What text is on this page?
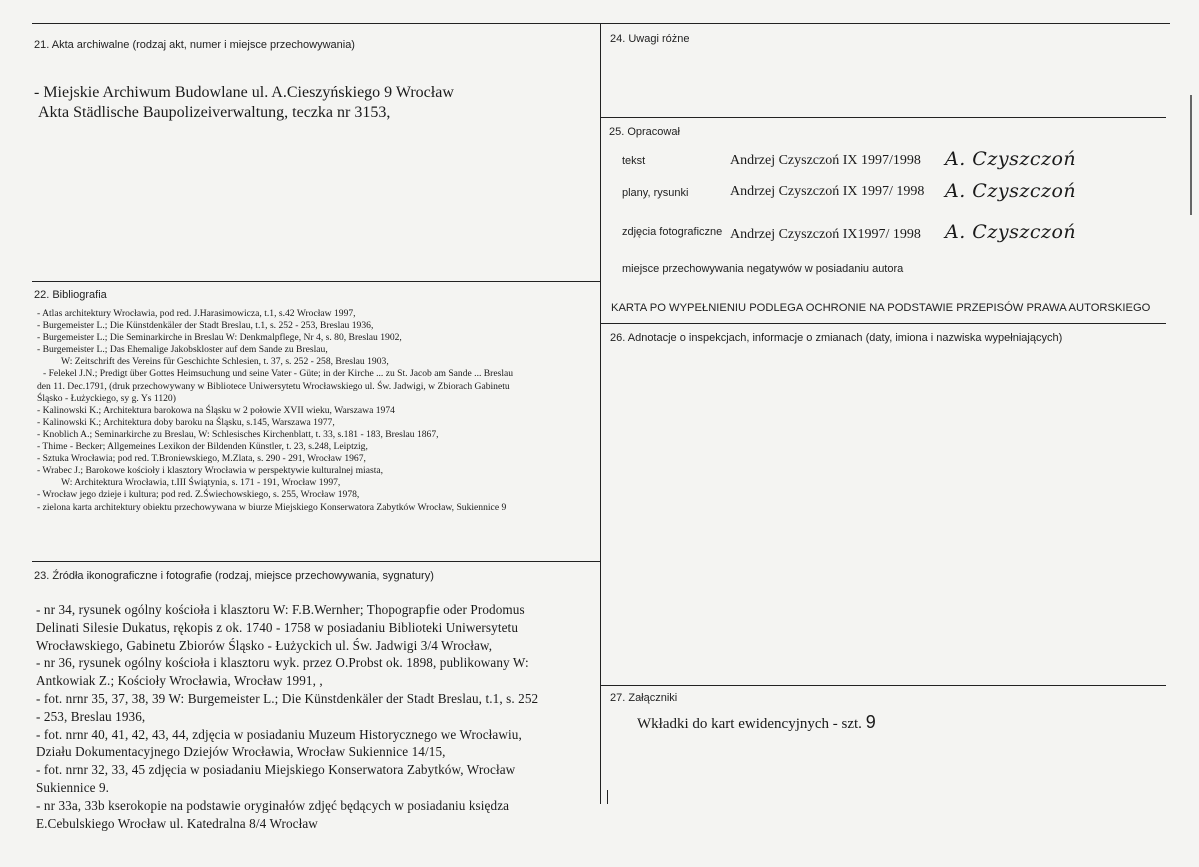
21. Akta archiwalne (rodzaj akt, numer i miejsce przechowywania)
- Miejskie Archiwum Budowlane ul. A.Cieszyńskiego 9 Wrocław
Akta Städlische Baupolizeiverwaltung, teczka nr 3153,
24. Uwagi różne
25. Opracował
tekst	Andrzej Czyszczoń IX 1997/1998 A. Czyszczoń
plany, rysunki	Andrzej Czyszczoń IX 1997/ 1998 A. Czyszczoń
zdjęcia fotograficzne Andrzej Czyszczoń IX1997/ 1998 A. Czyszczoń
miejsce przechowywania negatywów w posiadaniu autora
KARTA PO WYPEŁNIENIU PODLEGA OCHRONIE NA PODSTAWIE PRZEPISÓW PRAWA AUTORSKIEGO
22. Bibliografia
- Atlas architektury Wrocławia, pod red. J.Harasimowicza, t.1, s.42 Wrocław 1997,
- Burgemeister L.; Die Künstdenkäler der Stadt Breslau, t.1, s. 252 - 253, Breslau 1936,
- Burgemeister L.; Die Seminarkirche in Breslau W: Denkmalpflege, Nr 4, s. 80, Breslau 1902,
- Burgemeister L.; Das Ehemalige Jakobskloster auf dem Sande zu Breslau,
W: Zeitschrift des Vereins für Geschichte Schlesien, t. 37, s. 252 - 258, Breslau 1903,
- Felekel J.N.; Predigt über Gottes Heimsuchung und seine Vater - Güte; in der Kirche ... zu St. Jacob am Sande ... Breslau
den 11. Dec.1791, (druk przechowywany w Bibliotece Uniwersytetu Wrocławskiego ul. Św. Jadwigi, w Zbiorach Gabinetu
Śląsko - Łużyckiego, sy g. Ys 1120)
- Kalinowski K.; Architektura barokowa na Śląsku w 2 połowie XVII wieku, Warszawa 1974
- Kalinowski K.; Architektura doby baroku na Śląsku, s.145, Warszawa 1977,
- Knoblich A.; Seminarkirche zu Breslau, W: Schlesisches Kirchenblatt, t. 33, s.181 - 183, Breslau 1867,
- Thime - Becker; Allgemeines Lexikon der Bildenden Künstler, t. 23, s.248, Leiptzig,
- Sztuka Wrocławia; pod red. T.Broniewskiego, M.Zlata, s. 290 - 291, Wrocław 1967,
- Wrabec J.; Barokowe kościoły i klasztory Wrocławia w perspektywie kulturalnej miasta,
W: Architektura Wrocławia, t.III Świątynia, s. 171 - 191, Wrocław 1997,
- Wrocław jego dzieje i kultura; pod red. Z.Świechowskiego, s. 255, Wrocław 1978,
- zielona karta architektury obiektu przechowywana w biurze Miejskiego Konserwatora Zabytków Wrocław, Sukiennice 9
26. Adnotacje o inspekcjach, informacje o zmianach (daty, imiona i nazwiska wypełniających)
23. Źródła ikonograficzne i fotografie (rodzaj, miejsce przechowywania, sygnatury)
- nr 34, rysunek ogólny kościoła i klasztoru W: F.B.Wernher; Thopograpfie oder Prodomus
Delinati Silesie Dukatus, rękopis z ok. 1740 - 1758 w posiadaniu Biblioteki Uniwersytetu
Wrocławskiego, Gabinetu Zbiorów Śląsko - Łużyckich ul. Św. Jadwigi 3/4 Wrocław,
- nr 36, rysunek ogólny kościoła i klasztoru wyk. przez O.Probst ok. 1898, publikowany W:
Antkowiak Z.; Kościoły Wrocławia, Wrocław 1991, ,
- fot. nrnr 35, 37, 38, 39 W: Burgemeister L.; Die Künstdenkäler der Stadt Breslau, t.1, s. 252
- 253, Breslau 1936,
- fot. nrnr 40, 41, 42, 43, 44, zdjęcia w posiadaniu Muzeum Historycznego we Wrocławiu,
Działu Dokumentacyjnego Dziejów Wrocławia, Wrocław Sukiennice 14/15,
- fot. nrnr 32, 33, 45 zdjęcia w posiadaniu Miejskiego Konserwatora Zabytków, Wrocław
Sukiennice 9.
- nr 33a, 33b kserokopie na podstawie oryginałów zdjęć będących w posiadaniu księdza
E.Cebulskiego Wrocław ul. Katedralna 8/4 Wrocław
27. Załączniki
Wkładki do kart ewidencyjnych - szt. 9
